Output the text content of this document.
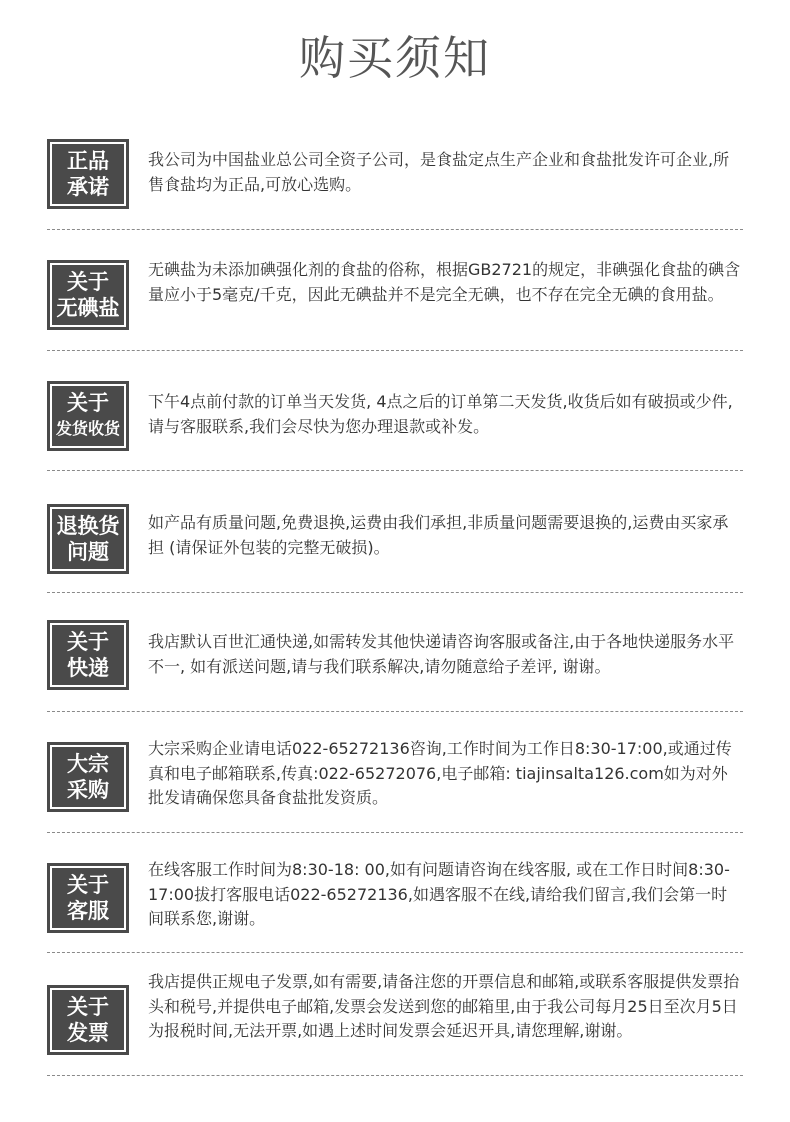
购买须知
正品
承诺
我公司为中国盐业总公司全资子公司，是食盐定点生产企业和食盐批发许可企业,所售食盐均为正品,可放心选购。
关于
无碘盐
无碘盐为未添加碘强化剂的食盐的俗称，根据GB2721的规定，非碘强化食盐的碘含量应小于5毫克/千克，因此无碘盐并不是完全无碘，也不存在完全无碘的食用盐。
关于
发货收货
下午4点前付款的订单当天发货, 4点之后的订单第二天发货,收货后如有破损或少件, 请与客服联系,我们会尽快为您办理退款或补发。
退换货
问题
如产品有质量问题,免费退换,运费由我们承担,非质量问题需要退换的,运费由买家承担 (请保证外包装的完整无破损)。
关于
快递
我店默认百世汇通快递,如需转发其他快递请咨询客服或备注,由于各地快递服务水平不一, 如有派送问题,请与我们联系解决,请勿随意给子差评, 谢谢。
大宗
采购
大宗采购企业请电话022-65272136咨询,工作时间为工作日8:30-17:00,或通过传真和电子邮箱联系,传真:022-65272076,电子邮箱: tiajinsalta126.com如为对外批发请确保您具备食盐批发资质。
关于
客服
在线客服工作时间为8:30-18: 00,如有问题请咨询在线客服, 或在工作日时间8:30- 17:00拔打客服电话022-65272136,如遇客服不在线,请给我们留言,我们会第一时间联系您,谢谢。
关于
发票
我店提供正规电子发票,如有需要,请备注您的开票信息和邮箱,或联系客服提供发票抬头和税号,并提供电子邮箱,发票会发送到您的邮箱里,由于我公司每月25日至次月5日为报税时间,无法开票,如遇上述时间发票会延迟开具,请您理解,谢谢。
